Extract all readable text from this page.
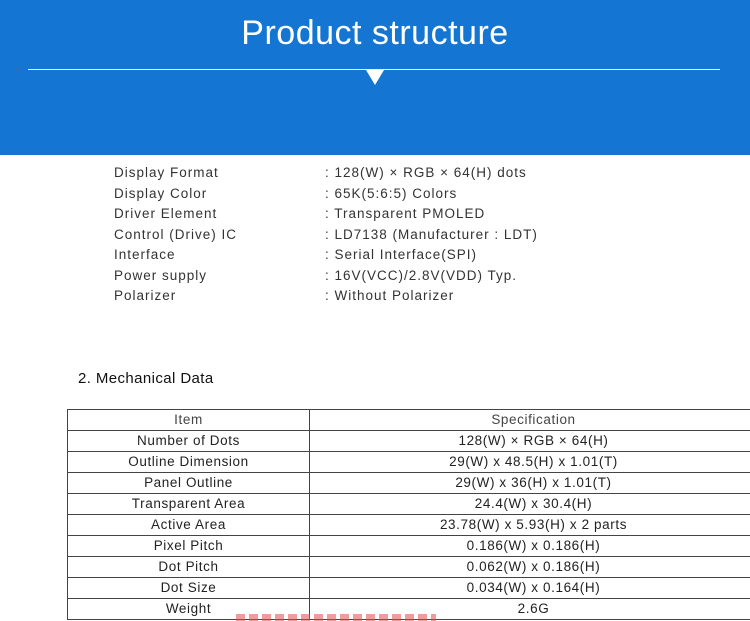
Product structure
Display Format	: 128(W) × RGB × 64(H) dots
Display Color	: 65K(5:6:5) Colors
Driver Element	: Transparent PMOLED
Control (Drive) IC	: LD7138 (Manufacturer : LDT)
Interface	: Serial Interface(SPI)
Power supply	: 16V(VCC)/2.8V(VDD) Typ.
Polarizer	: Without Polarizer
2. Mechanical Data
Item	Specification
Number of Dots	128(W) × RGB × 64(H)
Outline Dimension	29(W) x 48.5(H) x 1.01(T)
Panel Outline	29(W) x 36(H) x 1.01(T)
Transparent Area	24.4(W) x 30.4(H)
Active Area	23.78(W) x 5.93(H) x 2 parts
Pixel Pitch	0.186(W) x 0.186(H)
Dot Pitch	0.062(W) x 0.186(H)
Dot Size	0.034(W) x 0.164(H)
Weight	2.6G
